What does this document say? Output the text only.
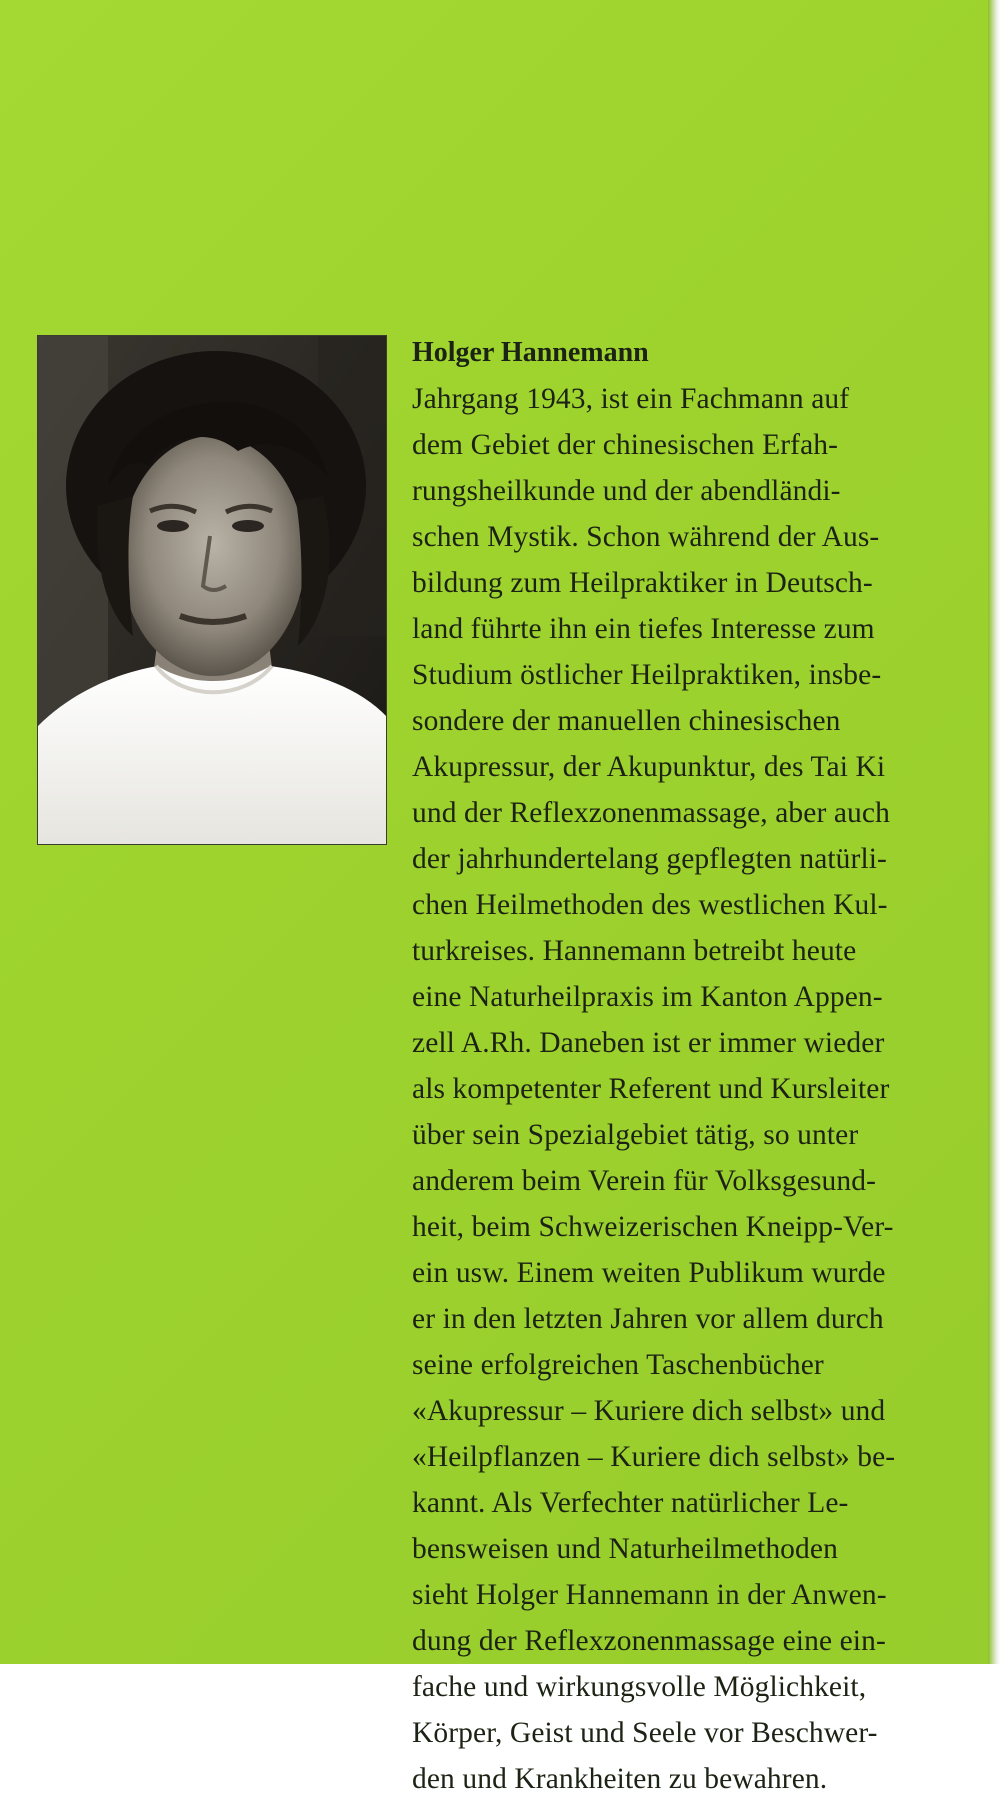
Holger Hannemann
Jahrgang 1943, ist ein Fachmann auf
dem Gebiet der chinesischen Erfah-
rungsheilkunde und der abendländi-
schen Mystik. Schon während der Aus-
bildung zum Heilpraktiker in Deutsch-
land führte ihn ein tiefes Interesse zum
Studium östlicher Heilpraktiken, insbe-
sondere der manuellen chinesischen
Akupressur, der Akupunktur, des Tai Ki
und der Reflexzonenmassage, aber auch
der jahrhundertelang gepflegten natürli-
chen Heilmethoden des westlichen Kul-
turkreises. Hannemann betreibt heute
eine Naturheilpraxis im Kanton Appen-
zell A.Rh. Daneben ist er immer wieder
als kompetenter Referent und Kursleiter
über sein Spezialgebiet tätig, so unter
anderem beim Verein für Volksgesund-
heit, beim Schweizerischen Kneipp-Ver-
ein usw. Einem weiten Publikum wurde
er in den letzten Jahren vor allem durch
seine erfolgreichen Taschenbücher
«Akupressur – Kuriere dich selbst» und
«Heilpflanzen – Kuriere dich selbst» be-
kannt. Als Verfechter natürlicher Le-
bensweisen und Naturheilmethoden
sieht Holger Hannemann in der Anwen-
dung der Reflexzonenmassage eine ein-
fache und wirkungsvolle Möglichkeit,
Körper, Geist und Seele vor Beschwer-
den und Krankheiten zu bewahren.
